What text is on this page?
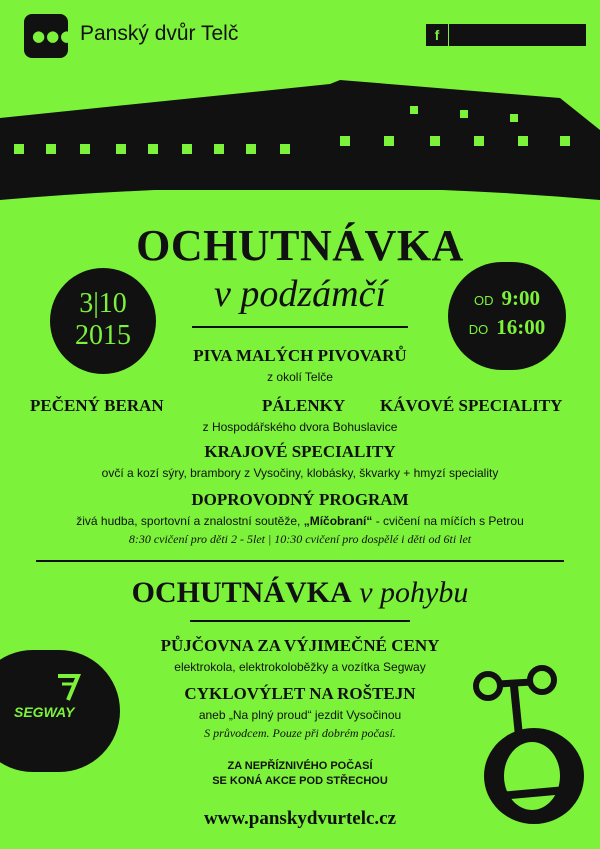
●●● Panský dvůr Telč	ffacebook.com/panskydvurtelc
OCHUTNÁVKA
v podzámčí
3|10
2015
OD 9:00
DO 16:00
PIVA MALÝCH PIVOVARŮ
z okolí Telče
PEČENÝ BERAN	PÁLENKY KÁVOVÉ SPECIALITY
z Hospodářského dvora Bohuslavice
KRAJOVÉ SPECIALITY
ovčí a kozí sýry, brambory z Vysočiny, klobásky, škvarky + hmyzí speciality
DOPROVODNÝ PROGRAM
živá hudba, sportovní a znalostní soutěže, „Míčobraní“ - cvičení na míčích s Petrou
8:30 cvičení pro děti 2 - 5let | 10:30 cvičení pro dospělé i děti od 6ti let
OCHUTNÁVKA v pohybu
PŮJČOVNA ZA VÝJIMEČNÉ CENY
elektrokola, elektrokoloběžky a vozítka Segway
CYKLOVÝLET NA ROŠTEJN
aneb „Na plný proud“ jezdit Vysočinou
S průvodcem. Pouze při dobrém počasí.
ZA NEPŘÍZNIVÉHO POČASÍ
SE KONÁ AKCE POD STŘECHOU
SEGWAY
www.panskydvurtelc.cz
